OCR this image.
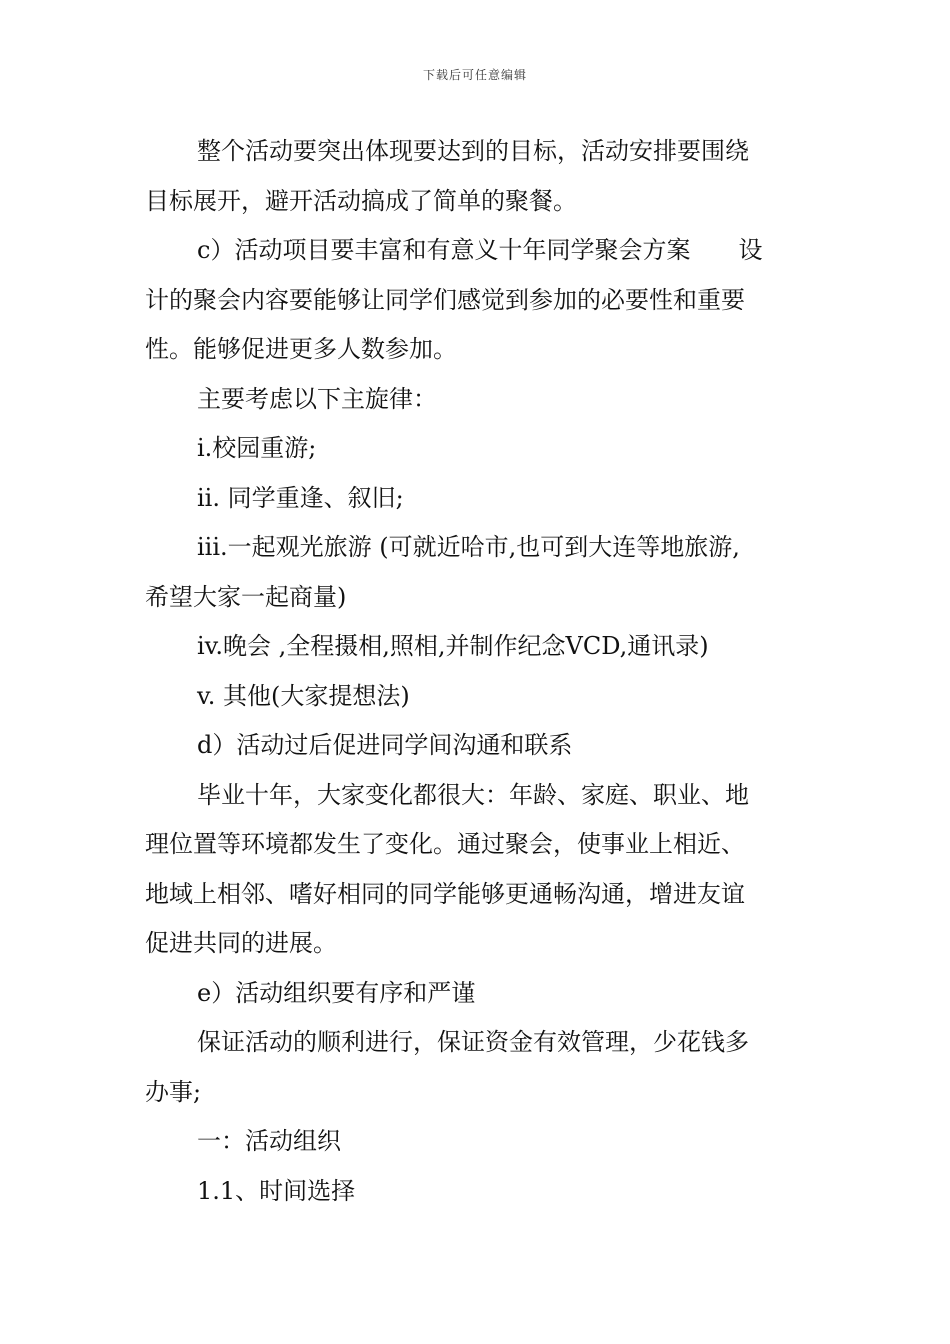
下载后可任意编辑
整个活动要突出体现要达到的目标，活动安排要围绕
目标展开，避开活动搞成了简单的聚餐。
c）活动项目要丰富和有意义十年同学聚会方案　　设
计的聚会内容要能够让同学们感觉到参加的必要性和重要
性。能够促进更多人数参加。
主要考虑以下主旋律：
i.校园重游;
ii. 同学重逢、叙旧;
iii.一起观光旅游 (可就近哈市,也可到大连等地旅游,
希望大家一起商量)
iv.晚会 ,全程摄相,照相,并制作纪念VCD,通讯录)
v. 其他(大家提想法)
d）活动过后促进同学间沟通和联系
毕业十年，大家变化都很大：年龄、家庭、职业、地
理位置等环境都发生了变化。通过聚会，使事业上相近、
地域上相邻、嗜好相同的同学能够更通畅沟通，增进友谊
促进共同的进展。
e）活动组织要有序和严谨
保证活动的顺利进行，保证资金有效管理，少花钱多
办事;
一：活动组织
1.1、时间选择
